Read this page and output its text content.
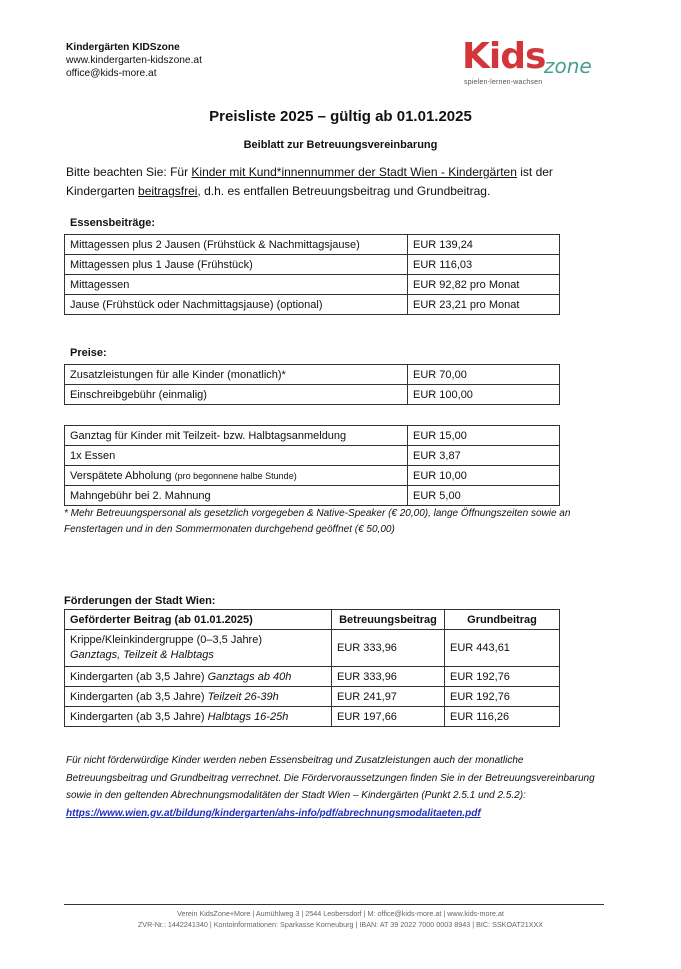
Kindergärten KIDSzone
www.kindergarten-kidszone.at
office@kids-more.at	Kids
zone
spielen-lernen-wachsen
Preisliste 2025 – gültig ab 01.01.2025
Beiblatt zur Betreuungsvereinbarung
Bitte beachten Sie: Für Kinder mit Kund*innennummer der Stadt Wien - Kindergärten ist der Kindergarten beitragsfrei, d.h. es entfallen Betreuungsbeitrag und Grundbeitrag.
Essensbeiträge:
Mittagessen plus 2 Jausen (Frühstück & Nachmittagsjause)	EUR 139,24
Mittagessen plus 1 Jause (Frühstück)	EUR 116,03
Mittagessen	EUR 92,82 pro Monat
Jause (Frühstück oder Nachmittagsjause) (optional)	EUR 23,21 pro Monat
Preise:
Zusatzleistungen für alle Kinder (monatlich)*	EUR 70,00
Einschreibgebühr (einmalig)	EUR 100,00
Ganztag für Kinder mit Teilzeit- bzw. Halbtagsanmeldung	EUR 15,00
1x Essen	EUR 3,87
Verspätete Abholung (pro begonnene halbe Stunde)	EUR 10,00
Mahngebühr bei 2. Mahnung	EUR 5,00
* Mehr Betreuungspersonal als gesetzlich vorgegeben & Native-Speaker (€ 20,00), lange Öffnungszeiten sowie an Fenstertagen und in den Sommermonaten durchgehend geöffnet (€ 50,00)
Förderungen der Stadt Wien:
Geförderter Beitrag (ab 01.01.2025)	Betreuungsbeitrag	Grundbeitrag
Krippe/Kleinkindergruppe (0–3,5 Jahre)
Ganztags, Teilzeit & Halbtags	EUR 333,96	EUR 443,61
Kindergarten (ab 3,5 Jahre) Ganztags ab 40h	EUR 333,96	EUR 192,76
Kindergarten (ab 3,5 Jahre) Teilzeit 26-39h	EUR 241,97	EUR 192,76
Kindergarten (ab 3,5 Jahre) Halbtags 16-25h	EUR 197,66	EUR 116,26
Für nicht förderwürdige Kinder werden neben Essensbeitrag und Zusatzleistungen auch der monatliche Betreuungsbeitrag und Grundbeitrag verrechnet. Die Fördervoraussetzungen finden Sie in der Betreuungsvereinbarung sowie in den geltenden Abrechnungsmodalitäten der Stadt Wien – Kindergärten (Punkt 2.5.1 und 2.5.2): https://www.wien.gv.at/bildung/kindergarten/ahs-info/pdf/abrechnungsmodalitaeten.pdf
Verein KidsZone+More | Aumühlweg 3 | 2544 Leobersdorf | M: office@kids-more.at | www.kids-more.at
ZVR-Nr.: 1442241340 | Kontoinformationen: Sparkasse Korneuburg | IBAN: AT 39 2022 7000 0003 8943 | BIC: SSKOAT21XXX
